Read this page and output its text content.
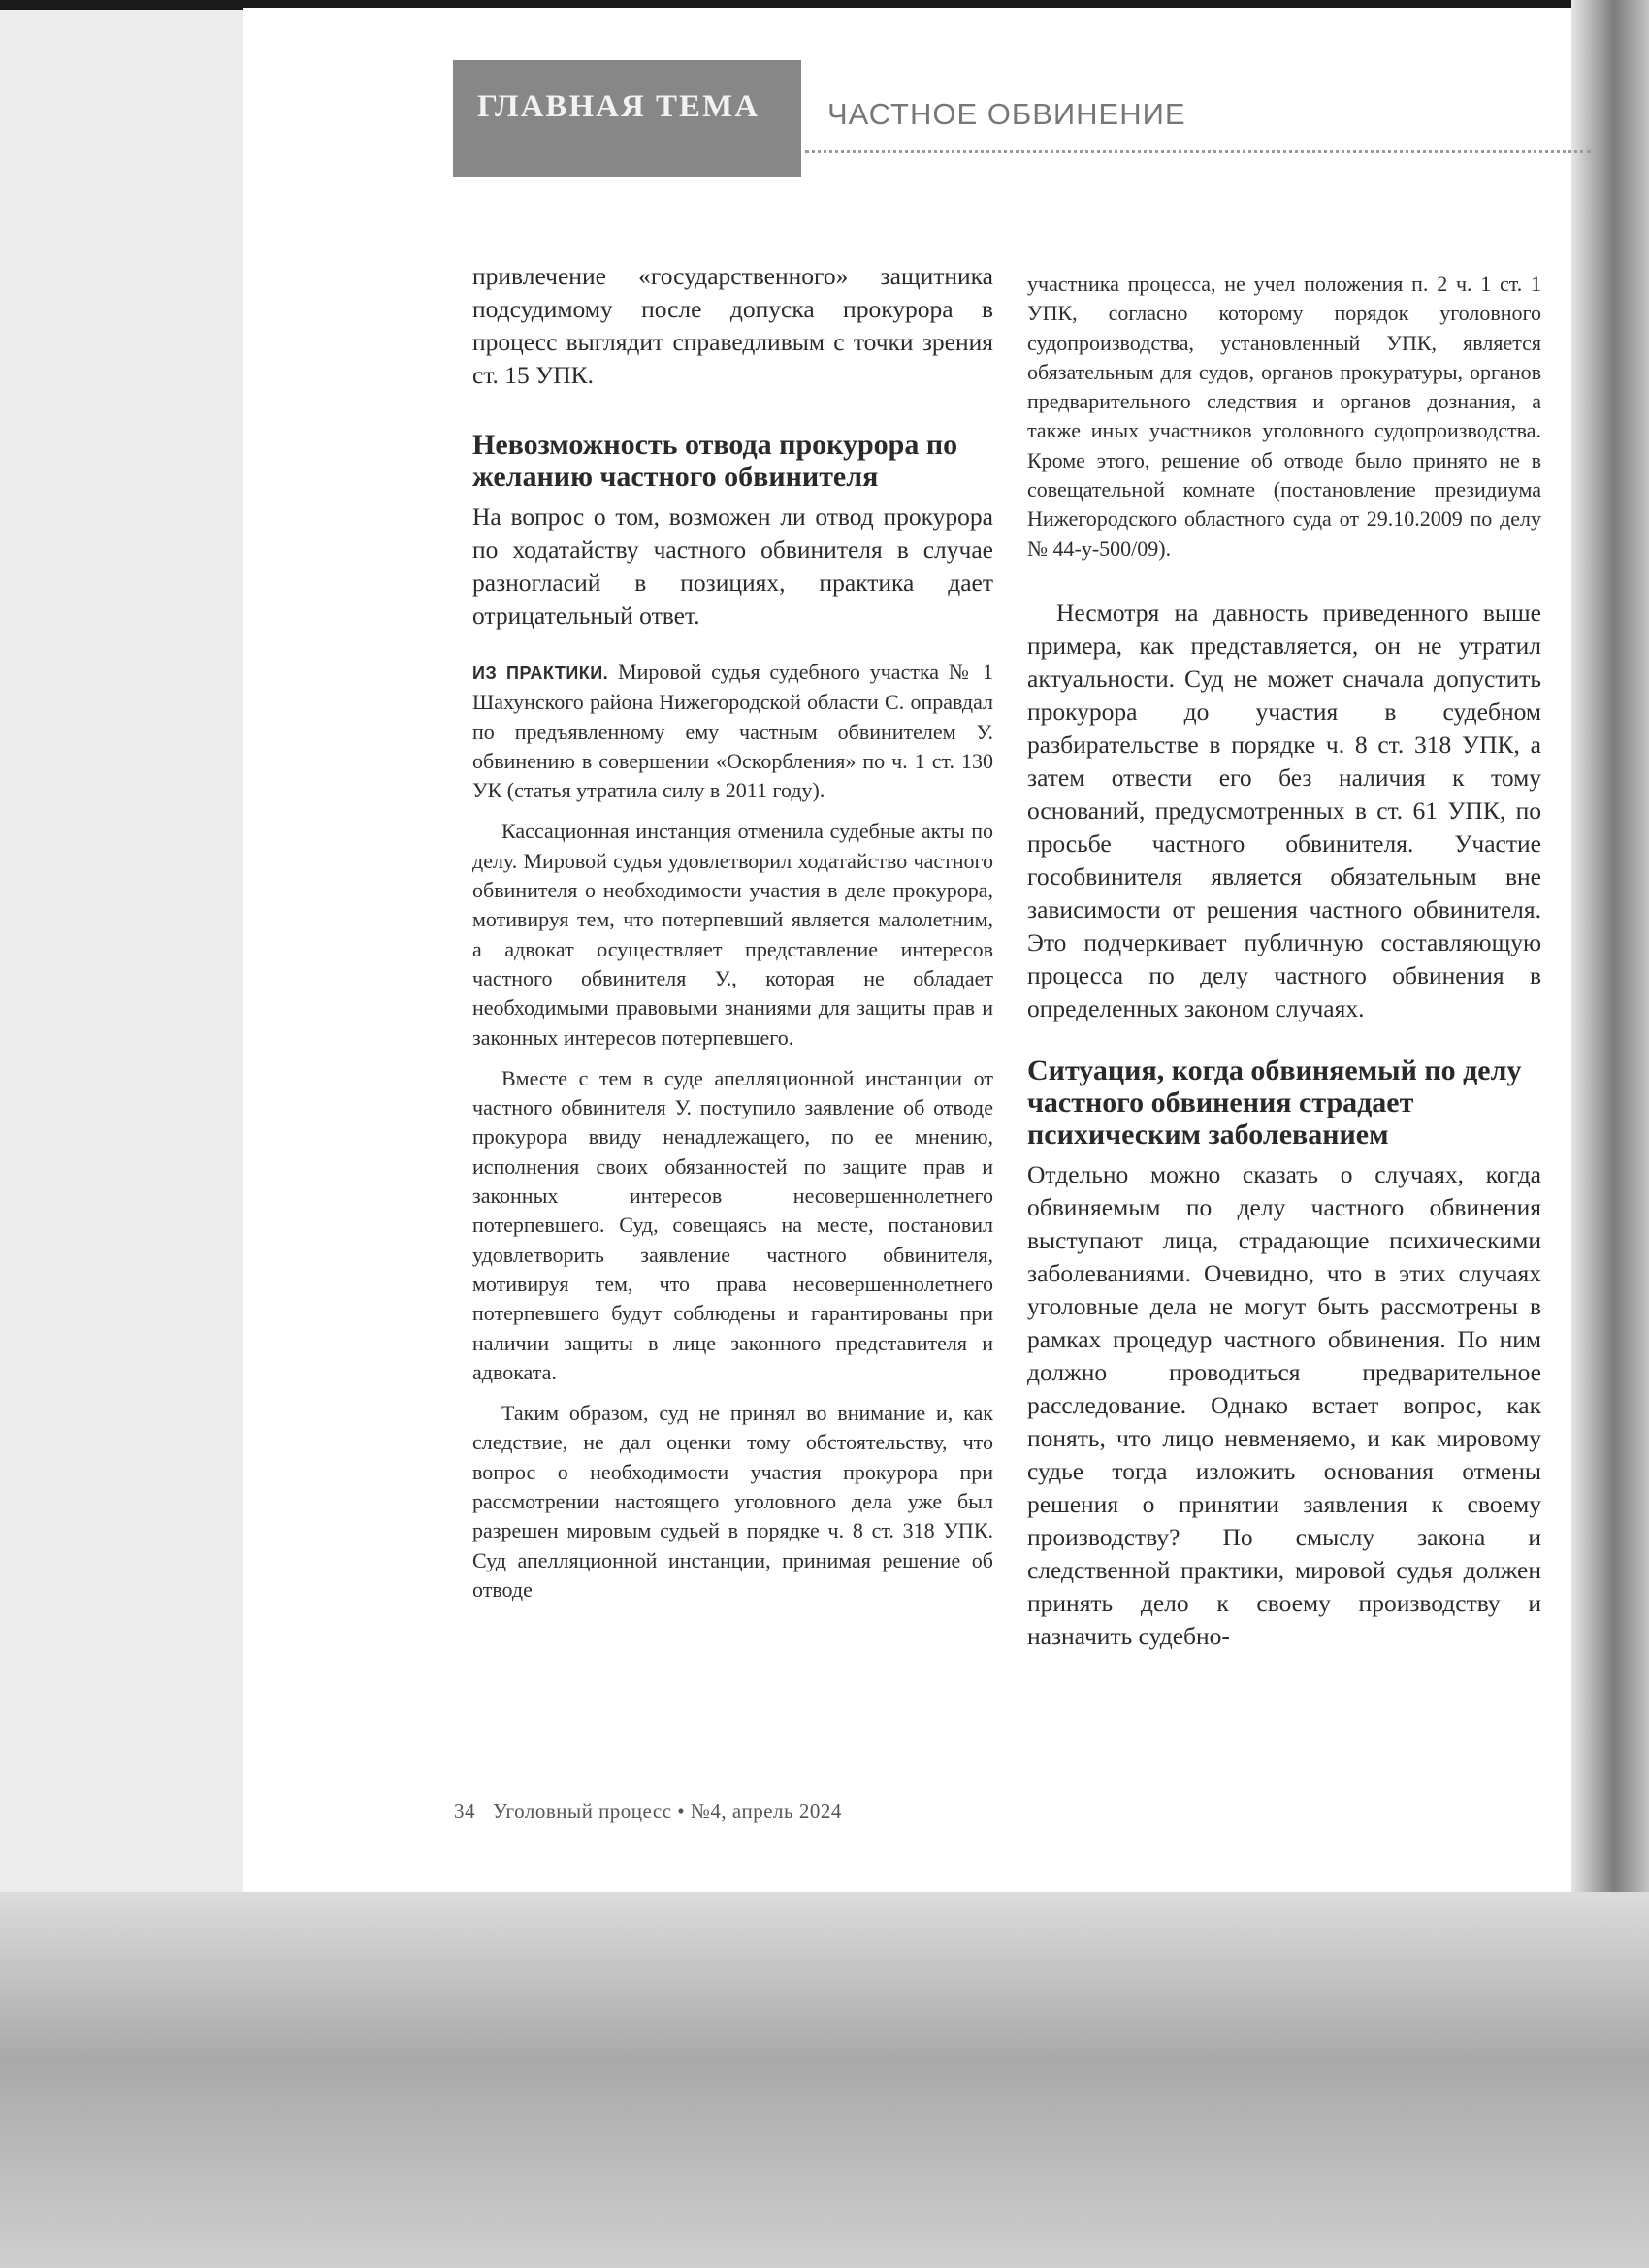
ГЛАВНАЯ ТЕМА ЧАСТНОЕ ОБВИНЕНИЕ

привлечение «государственного» защитника подсудимому после допуска прокурора в процесс выглядит справедливым с точки зрения ст. 15 УПК.

Невозможность отвода прокурора по желанию частного обвинителя

На вопрос о том, возможен ли отвод прокурора по ходатайству частного обвинителя в случае разногласий в позициях, практика дает отрицательный ответ.

ИЗ ПРАКТИКИ. Мировой судья судебного участка № 1 Шахунского района Нижегородской области С. оправдал по предъявленному ему частным обвинителем У. обвинению в совершении «Оскорбления» по ч. 1 ст. 130 УК (статья утратила силу в 2011 году).

Кассационная инстанция отменила судебные акты по делу. Мировой судья удовлетворил ходатайство частного обвинителя о необходимости участия в деле прокурора, мотивируя тем, что потерпевший является малолетним, а адвокат осуществляет представление интересов частного обвинителя У., которая не обладает необходимыми правовыми знаниями для защиты прав и законных интересов потерпевшего.

Вместе с тем в суде апелляционной инстанции от частного обвинителя У. поступило заявление об отводе прокурора ввиду ненадлежащего, по ее мнению, исполнения своих обязанностей по защите прав и законных интересов несовершеннолетнего потерпевшего. Суд, совещаясь на месте, постановил удовлетворить заявление частного обвинителя, мотивируя тем, что права несовершеннолетнего потерпевшего будут соблюдены и гарантированы при наличии защиты в лице законного представителя и адвоката.

Таким образом, суд не принял во внимание и, как следствие, не дал оценки тому обстоятельству, что вопрос о необходимости участия прокурора при рассмотрении настоящего уголовного дела уже был разрешен мировым судьей в порядке ч. 8 ст. 318 УПК. Суд апелляционной инстанции, принимая решение об отводе

участника процесса, не учел положения п. 2 ч. 1 ст. 1 УПК, согласно которому порядок уголовного судопроизводства, установленный УПК, является обязательным для судов, органов прокуратуры, органов предварительного следствия и органов дознания, а также иных участников уголовного судопроизводства. Кроме этого, решение об отводе было принято не в совещательной комнате (постановление президиума Нижегородского областного суда от 29.10.2009 по делу № 44-у-500/09).

Несмотря на давность приведенного выше примера, как представляется, он не утратил актуальности. Суд не может сначала допустить прокурора до участия в судебном разбирательстве в порядке ч. 8 ст. 318 УПК, а затем отвести его без наличия к тому оснований, предусмотренных в ст. 61 УПК, по просьбе частного обвинителя. Участие гособвинителя является обязательным вне зависимости от решения частного обвинителя. Это подчеркивает публичную составляющую процесса по делу частного обвинения в определенных законом случаях.

Ситуация, когда обвиняемый по делу частного обвинения страдает психическим заболеванием

Отдельно можно сказать о случаях, когда обвиняемым по делу частного обвинения выступают лица, страдающие психическими заболеваниями. Очевидно, что в этих случаях уголовные дела не могут быть рассмотрены в рамках процедур частного обвинения. По ним должно проводиться предварительное расследование. Однако встает вопрос, как понять, что лицо невменяемо, и как мировому судье тогда изложить основания отмены решения о принятии заявления к своему производству? По смыслу закона и следственной практики, мировой судья должен принять дело к своему производству и назначить судебно-

34 Уголовный процесс • №4, апрель 2024
